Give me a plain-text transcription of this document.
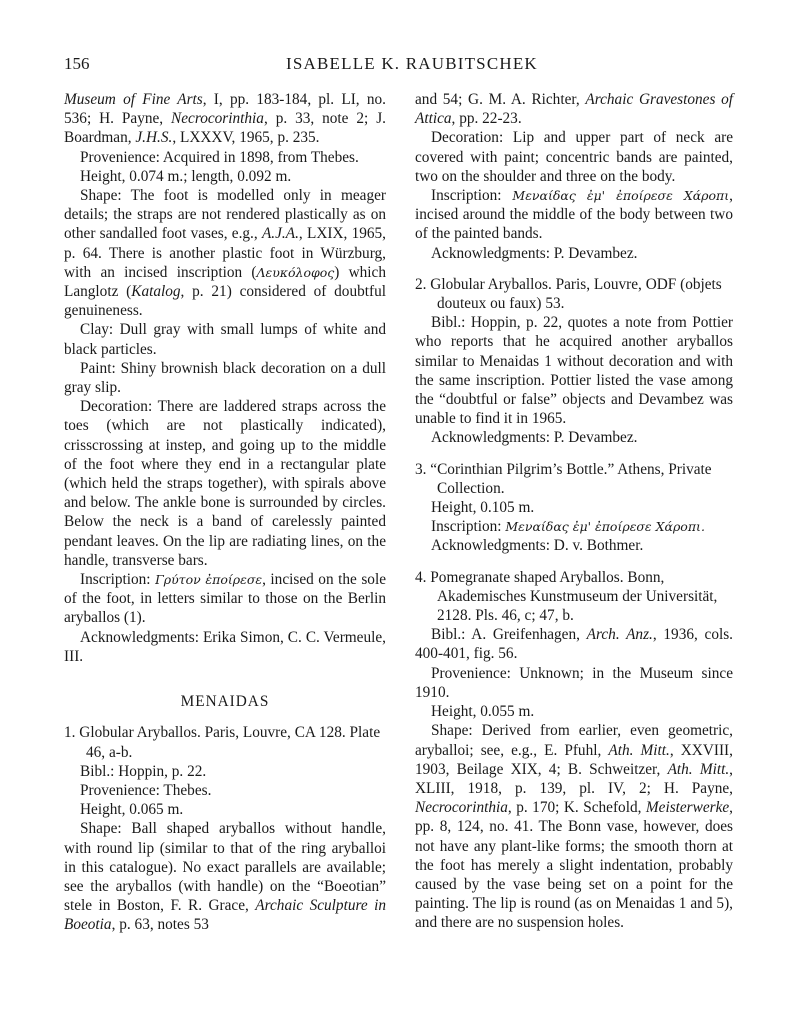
156	ISABELLE K. RAUBITSCHEK

Museum of Fine Arts, I, pp. 183-184, pl. LI, no. 536; H. Payne, Necrocorinthia, p. 33, note 2; J. Boardman, J.H.S., LXXXV, 1965, p. 235.

Provenience: Acquired in 1898, from Thebes.

Height, 0.074 m.; length, 0.092 m.

Shape: The foot is modelled only in meager details; the straps are not rendered plastically as on other sandalled foot vases, e.g., A.J.A., LXIX, 1965, p. 64. There is another plastic foot in Würzburg, with an incised inscription (Λευκόλοφος) which Langlotz (Katalog, p. 21) considered of doubtful genuineness.

Clay: Dull gray with small lumps of white and black particles.

Paint: Shiny brownish black decoration on a dull gray slip.

Decoration: There are laddered straps across the toes (which are not plastically indicated), crisscrossing at instep, and going up to the middle of the foot where they end in a rectangular plate (which held the straps together), with spirals above and below. The ankle bone is surrounded by circles. Below the neck is a band of carelessly painted pendant leaves. On the lip are radiating lines, on the handle, transverse bars.

Inscription: Γρύτον ἐποίρεσε, incised on the sole of the foot, in letters similar to those on the Berlin aryballos (1).

Acknowledgments: Erika Simon, C. C. Vermeule, III.

MENAIDAS

1. Globular Aryballos. Paris, Louvre, CA 128. Plate 46, a-b.

Bibl.: Hoppin, p. 22.

Provenience: Thebes.

Height, 0.065 m.

Shape: Ball shaped aryballos without handle, with round lip (similar to that of the ring aryballoi in this catalogue). No exact parallels are available; see the aryballos (with handle) on the “Boeotian” stele in Boston, F. R. Grace, Archaic Sculpture in Boeotia, p. 63, notes 53

and 54; G. M. A. Richter, Archaic Gravestones of Attica, pp. 22-23.

Decoration: Lip and upper part of neck are covered with paint; concentric bands are painted, two on the shoulder and three on the body.

Inscription: Μεναίδας ἐμ' ἐποίρεσε Χάροπι, incised around the middle of the body between two of the painted bands.

Acknowledgments: P. Devambez.

2. Globular Aryballos. Paris, Louvre, ODF (objets douteux ou faux) 53.

Bibl.: Hoppin, p. 22, quotes a note from Pottier who reports that he acquired another aryballos similar to Menaidas 1 without decoration and with the same inscription. Pottier listed the vase among the “doubtful or false” objects and Devambez was unable to find it in 1965.

Acknowledgments: P. Devambez.

3. “Corinthian Pilgrim’s Bottle.” Athens, Private Collection.

Height, 0.105 m.

Inscription: Μεναίδας ἐμ' ἐποίρεσε Χάροπι.

Acknowledgments: D. v. Bothmer.

4. Pomegranate shaped Aryballos. Bonn, Akademisches Kunstmuseum der Universität, 2128. Pls. 46, c; 47, b.

Bibl.: A. Greifenhagen, Arch. Anz., 1936, cols. 400-401, fig. 56.

Provenience: Unknown; in the Museum since 1910.

Height, 0.055 m.

Shape: Derived from earlier, even geometric, aryballoi; see, e.g., E. Pfuhl, Ath. Mitt., XXVIII, 1903, Beilage XIX, 4; B. Schweitzer, Ath. Mitt., XLIII, 1918, p. 139, pl. IV, 2; H. Payne, Necrocorinthia, p. 170; K. Schefold, Meisterwerke, pp. 8, 124, no. 41. The Bonn vase, however, does not have any plant-like forms; the smooth thorn at the foot has merely a slight indentation, probably caused by the vase being set on a point for the painting. The lip is round (as on Menaidas 1 and 5), and there are no suspension holes.
